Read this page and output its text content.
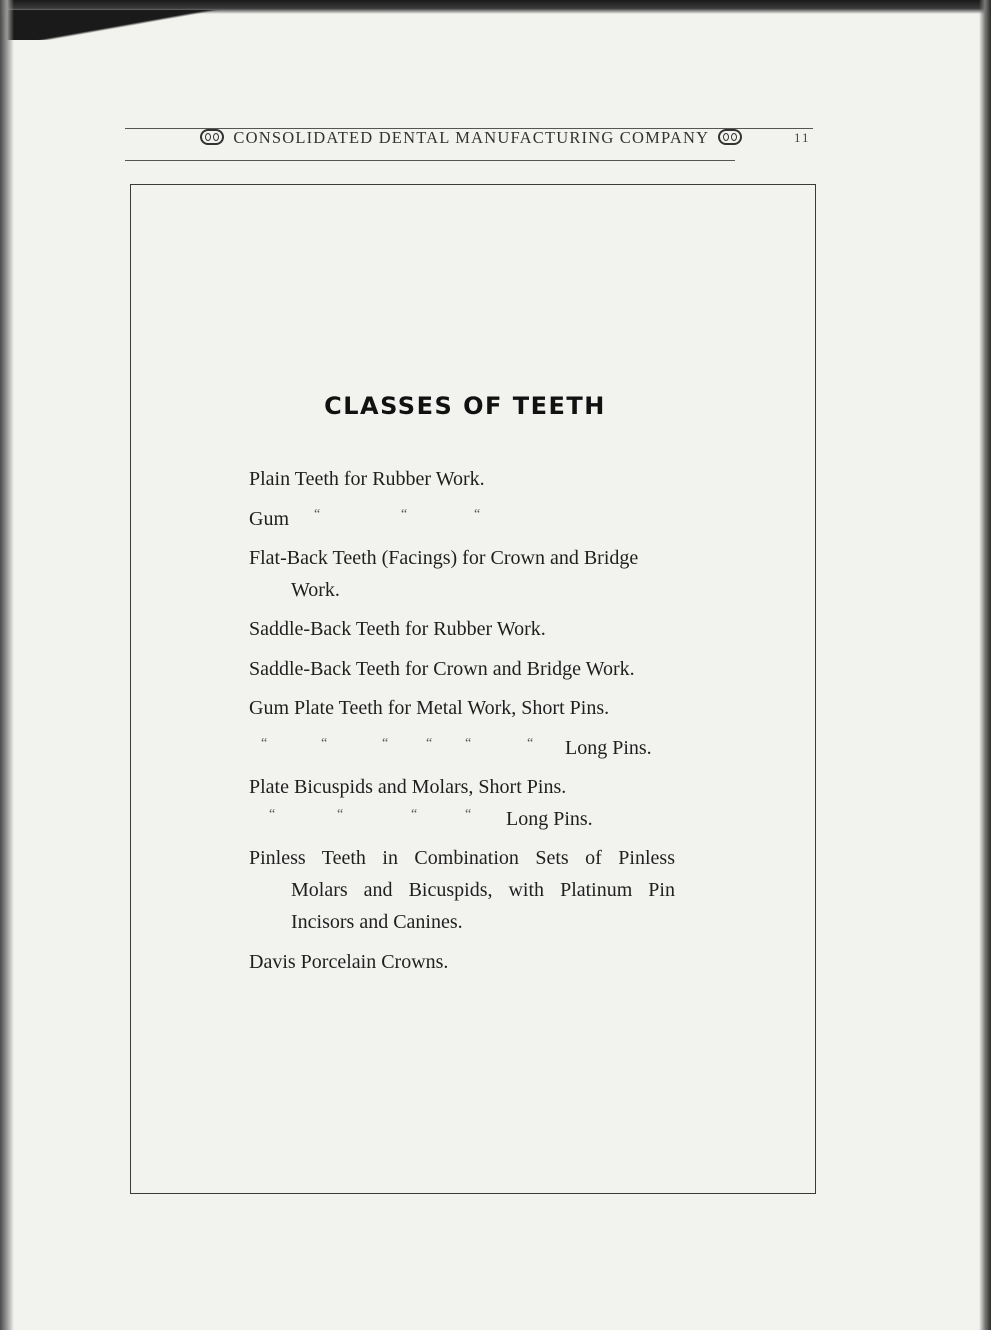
CONSOLIDATED DENTAL MANUFACTURING COMPANY	11
CLASSES OF TEETH
Plain Teeth for Rubber Work.
Gum “	“	“
Flat-Back Teeth (Facings) for Crown and Bridge
Work.
Saddle-Back Teeth for Rubber Work.
Saddle-Back Teeth for Crown and Bridge Work.
Gum Plate Teeth for Metal Work, Short Pins.
“	“	“	“ “	“ Long Pins.
Plate Bicuspids and Molars, Short Pins.
“	“	“	“ Long Pins.
Pinless Teeth in Combination Sets of Pinless
Molars and Bicuspids, with Platinum Pin
Incisors and Canines.
Davis Porcelain Crowns.
